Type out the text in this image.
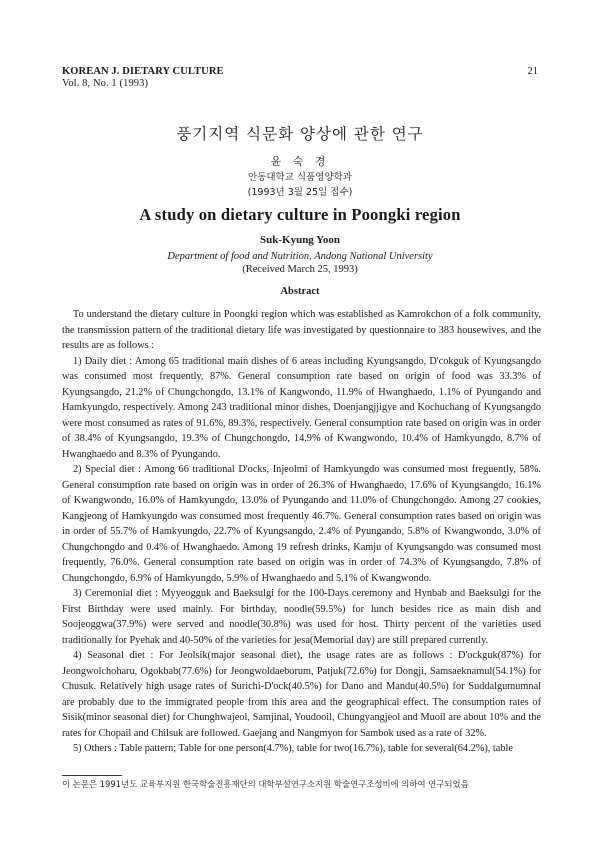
KOREAN J. DIETARY CULTURE
Vol. 8, No. 1 (1993)
21
풍기지역 식문화 양상에 관한 연구
윤 숙 경
안동대학교 식품영양학과
(1993년 3월 25일 접수)
A study on dietary culture in Poongki region
Suk-Kyung Yoon
Department of food and Nutrition, Andong National University
(Received March 25, 1993)
Abstract

To understand the dietary culture in Poongki region which was established as Kamrokchon of a folk community, the transmission pattern of the traditional dietary life was investigated by questionnaire to 383 housewives, and the results are as follows :

1) Daily diet : Among 65 traditional main dishes of 6 areas including Kyungsangdo, D'cokguk of Kyungsangdo was consumed most frequently, 87%. General consumption rate based on origin of food was 33.3% of Kyungsangdo, 21.2% of Chungchongdo, 13.1% of Kangwondo, 11.9% of Hwanghaedo, 1.1% of Pyungando and Hamkyungdo, respectively. Among 243 traditional minor dishes, Doenjangjjigye and Kochuchang of Kyungsangdo were most consumed as rates of 91.6%, 89.3%, respectively. General consumption rate based on origin was in order of 38.4% of Kyungsangdo, 19.3% of Chungchongdo, 14.9% of Kwangwondo, 10.4% of Hamkyungdo, 8.7% of Hwanghaedo and 8.3% of Pyungando.

2) Special diet : Among 66 traditional D'ocks, Injeolmi of Hamkyungdo was consumed most freguently, 58%. General consumption rate based on origin was in order of 26.3% of Hwanghaedo, 17.6% of Kyungsangdo, 16.1% of Kwangwondo, 16.0% of Hamkyungdo, 13.0% of Pyungando and 11.0% of Chungchongdo. Among 27 cookies, Kangjeong of Hamkyungdo was consumed most frequently 46.7%. General consumption rates based on origin was in order of 55.7% of Hamkyungdo, 22.7% of Kyungsangdo, 2.4% of Pyungando, 5.8% of Kwangwondo, 3.0% of Chungchongdo and 0.4% of Hwanghaedo. Among 19 refresh drinks, Kamju of Kyungsangdo was consumed most frequently, 76.0%. General consumption rate based on origin was in order of 74.3% of Kyungsangdo, 7.8% of Chungchongdo, 6.9% of Hamkyungdo, 5.9% of Hwanghaedo and 5.1% of Kwangwondo.

3) Ceremonial diet : Myyeogguk and Baeksulgi for the 100-Days ceremony and Hynbab and Baeksulgi for the First Birthday were used mainly. For birthday, noodle(59.5%) for lunch besides rice as main dish and Soojeoggwa(37.9%) were served and noodle(30.8%) was used for host. Thirty percent of the varieties used traditionally for Pyehak and 40-50% of the varieties for )esa(Memorial day) are still prepared currently.

4) Seasonal diet : For Jeolsik(major seasonal diet), the usage rates are as follows : D'ockguk(87%) for Jeongwolchoharu, Ogokbab(77.6%) for Jeongwoldaeborum, Patjuk(72.6%) for Dongji, Samsaeknamul(54.1%) for Chusuk. Relatively high usage rates of Surichi-D'ock(40.5%) for Dano and Mandu(40.5%) for Suddalgumumnal are probably due to the immigrated people from this area and the geographical effect. The consumption rates of Sisik(minor seasonal diet) for Chunghwajeol, Samjinal, Youdooil, Chungyangjeol and Muoil are about 10% and the rates for Chopail and Chilsuk are followed. Gaejang and Nangmyon for Sambok used as a rate of 32%.

5) Others : Table pattern; Table for one person(4.7%), table for two(16.7%), table for several(64.2%), table

이 논문은 1991년도 교육부지원 한국학술진흥재단의 대학부설연구소지원 학술연구조성비에 의하여 연구되었음
